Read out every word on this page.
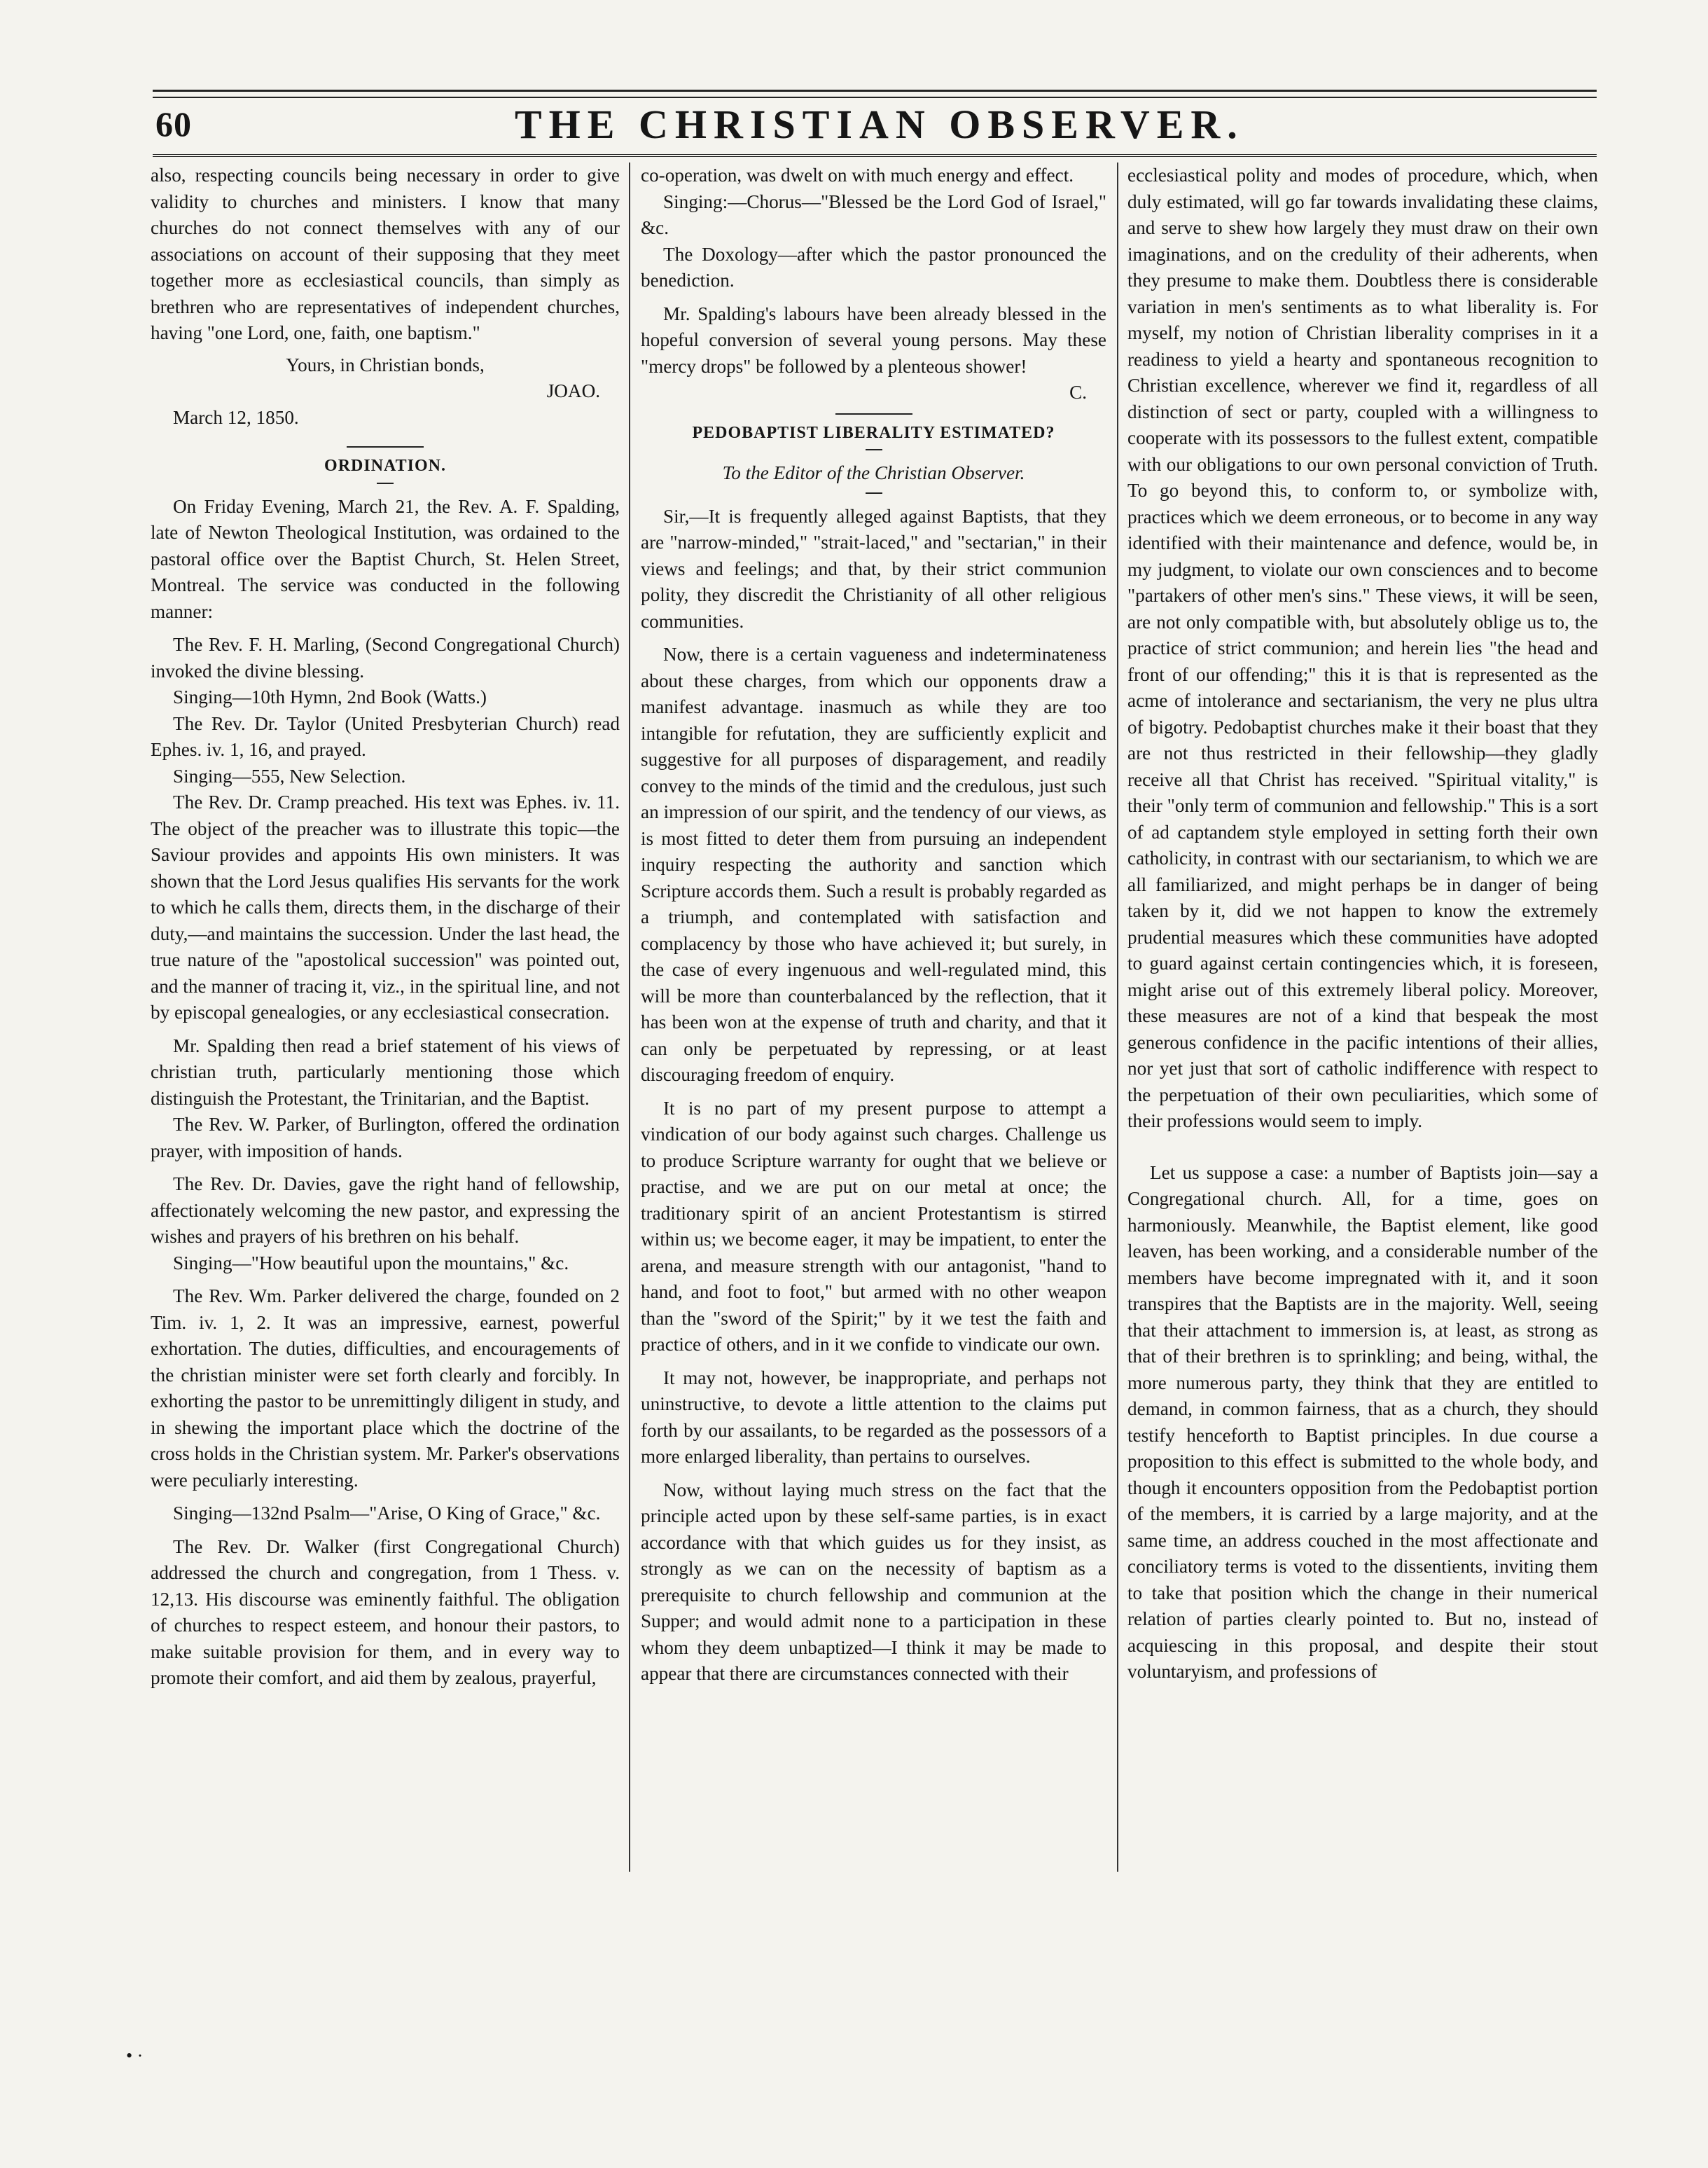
60	THE CHRISTIAN OBSERVER.

also, respecting councils being necessary in order to give validity to churches and ministers. I know that many churches do not connect themselves with any of our associations on account of their supposing that they meet together more as ecclesiastical councils, than simply as brethren who are representatives of independent churches, having "one Lord, one, faith, one baptism."

Yours, in Christian bonds,

JOAO.

March 12, 1850.

ORDINATION.

On Friday Evening, March 21, the Rev. A. F. Spalding, late of Newton Theological Institution, was ordained to the pastoral office over the Baptist Church, St. Helen Street, Montreal. The service was conducted in the following manner:

The Rev. F. H. Marling, (Second Congregational Church) invoked the divine blessing.

Singing—10th Hymn, 2nd Book (Watts.)

The Rev. Dr. Taylor (United Presbyterian Church) read Ephes. iv. 1, 16, and prayed.

Singing—555, New Selection.

The Rev. Dr. Cramp preached. His text was Ephes. iv. 11. The object of the preacher was to illustrate this topic—the Saviour provides and appoints His own ministers. It was shown that the Lord Jesus qualifies His servants for the work to which he calls them, directs them, in the discharge of their duty,—and maintains the succession. Under the last head, the true nature of the "apostolical succession" was pointed out, and the manner of tracing it, viz., in the spiritual line, and not by episcopal genealogies, or any ecclesiastical consecration.

Mr. Spalding then read a brief statement of his views of christian truth, particularly mentioning those which distinguish the Protestant, the Trinitarian, and the Baptist.

The Rev. W. Parker, of Burlington, offered the ordination prayer, with imposition of hands.

The Rev. Dr. Davies, gave the right hand of fellowship, affectionately welcoming the new pastor, and expressing the wishes and prayers of his brethren on his behalf.

Singing—"How beautiful upon the mountains," &c.

The Rev. Wm. Parker delivered the charge, founded on 2 Tim. iv. 1, 2. It was an impressive, earnest, powerful exhortation. The duties, difficulties, and encouragements of the christian minister were set forth clearly and forcibly. In exhorting the pastor to be unremittingly diligent in study, and in shewing the important place which the doctrine of the cross holds in the Christian system. Mr. Parker's observations were peculiarly interesting.

Singing—132nd Psalm—"Arise, O King of Grace," &c.

The Rev. Dr. Walker (first Congregational Church) addressed the church and congregation, from 1 Thess. v. 12,13. His discourse was eminently faithful. The obligation of churches to respect esteem, and honour their pastors, to make suitable provision for them, and in every way to promote their comfort, and aid them by zealous, prayerful,

co-operation, was dwelt on with much energy and effect.

Singing:—Chorus—"Blessed be the Lord God of Israel," &c.

The Doxology—after which the pastor pronounced the benediction.

Mr. Spalding's labours have been already blessed in the hopeful conversion of several young persons. May these "mercy drops" be followed by a plenteous shower!

C.

PEDOBAPTIST LIBERALITY ESTIMATED?

To the Editor of the Christian Observer.

Sir,—It is frequently alleged against Baptists, that they are "narrow-minded," "strait-laced," and "sectarian," in their views and feelings; and that, by their strict communion polity, they discredit the Christianity of all other religious communities.

Now, there is a certain vagueness and indeterminateness about these charges, from which our opponents draw a manifest advantage. inasmuch as while they are too intangible for refutation, they are sufficiently explicit and suggestive for all purposes of disparagement, and readily convey to the minds of the timid and the credulous, just such an impression of our spirit, and the tendency of our views, as is most fitted to deter them from pursuing an independent inquiry respecting the authority and sanction which Scripture accords them. Such a result is probably regarded as a triumph, and contemplated with satisfaction and complacency by those who have achieved it; but surely, in the case of every ingenuous and well-regulated mind, this will be more than counterbalanced by the reflection, that it has been won at the expense of truth and charity, and that it can only be perpetuated by repressing, or at least discouraging freedom of enquiry.

It is no part of my present purpose to attempt a vindication of our body against such charges. Challenge us to produce Scripture warranty for ought that we believe or practise, and we are put on our metal at once; the traditionary spirit of an ancient Protestantism is stirred within us; we become eager, it may be impatient, to enter the arena, and measure strength with our antagonist, "hand to hand, and foot to foot," but armed with no other weapon than the "sword of the Spirit;" by it we test the faith and practice of others, and in it we confide to vindicate our own.

It may not, however, be inappropriate, and perhaps not uninstructive, to devote a little attention to the claims put forth by our assailants, to be regarded as the possessors of a more enlarged liberality, than pertains to ourselves.

Now, without laying much stress on the fact that the principle acted upon by these self-same parties, is in exact accordance with that which guides us for they insist, as strongly as we can on the necessity of baptism as a prerequisite to church fellowship and communion at the Supper; and would admit none to a participation in these whom they deem unbaptized—I think it may be made to appear that there are circumstances connected with their

ecclesiastical polity and modes of procedure, which, when duly estimated, will go far towards invalidating these claims, and serve to shew how largely they must draw on their own imaginations, and on the credulity of their adherents, when they presume to make them. Doubtless there is considerable variation in men's sentiments as to what liberality is. For myself, my notion of Christian liberality comprises in it a readiness to yield a hearty and spontaneous recognition to Christian excellence, wherever we find it, regardless of all distinction of sect or party, coupled with a willingness to cooperate with its possessors to the fullest extent, compatible with our obligations to our own personal conviction of Truth. To go beyond this, to conform to, or symbolize with, practices which we deem erroneous, or to become in any way identified with their maintenance and defence, would be, in my judgment, to violate our own consciences and to become "partakers of other men's sins." These views, it will be seen, are not only compatible with, but absolutely oblige us to, the practice of strict communion; and herein lies "the head and front of our offending;" this it is that is represented as the acme of intolerance and sectarianism, the very ne plus ultra of bigotry. Pedobaptist churches make it their boast that they are not thus restricted in their fellowship—they gladly receive all that Christ has received. "Spiritual vitality," is their "only term of communion and fellowship." This is a sort of ad captandem style employed in setting forth their own catholicity, in contrast with our sectarianism, to which we are all familiarized, and might perhaps be in danger of being taken by it, did we not happen to know the extremely prudential measures which these communities have adopted to guard against certain contingencies which, it is foreseen, might arise out of this extremely liberal policy. Moreover, these measures are not of a kind that bespeak the most generous confidence in the pacific intentions of their allies, nor yet just that sort of catholic indifference with respect to the perpetuation of their own peculiarities, which some of their professions would seem to imply.

Let us suppose a case: a number of Baptists join—say a Congregational church. All, for a time, goes on harmoniously. Meanwhile, the Baptist element, like good leaven, has been working, and a considerable number of the members have become impregnated with it, and it soon transpires that the Baptists are in the majority. Well, seeing that their attachment to immersion is, at least, as strong as that of their brethren is to sprinkling; and being, withal, the more numerous party, they think that they are entitled to demand, in common fairness, that as a church, they should testify henceforth to Baptist principles. In due course a proposition to this effect is submitted to the whole body, and though it encounters opposition from the Pedobaptist portion of the members, it is carried by a large majority, and at the same time, an address couched in the most affectionate and conciliatory terms is voted to the dissentients, inviting them to take that position which the change in their numerical relation of parties clearly pointed to. But no, instead of acquiescing in this proposal, and despite their stout voluntaryism, and professions of

• ·
